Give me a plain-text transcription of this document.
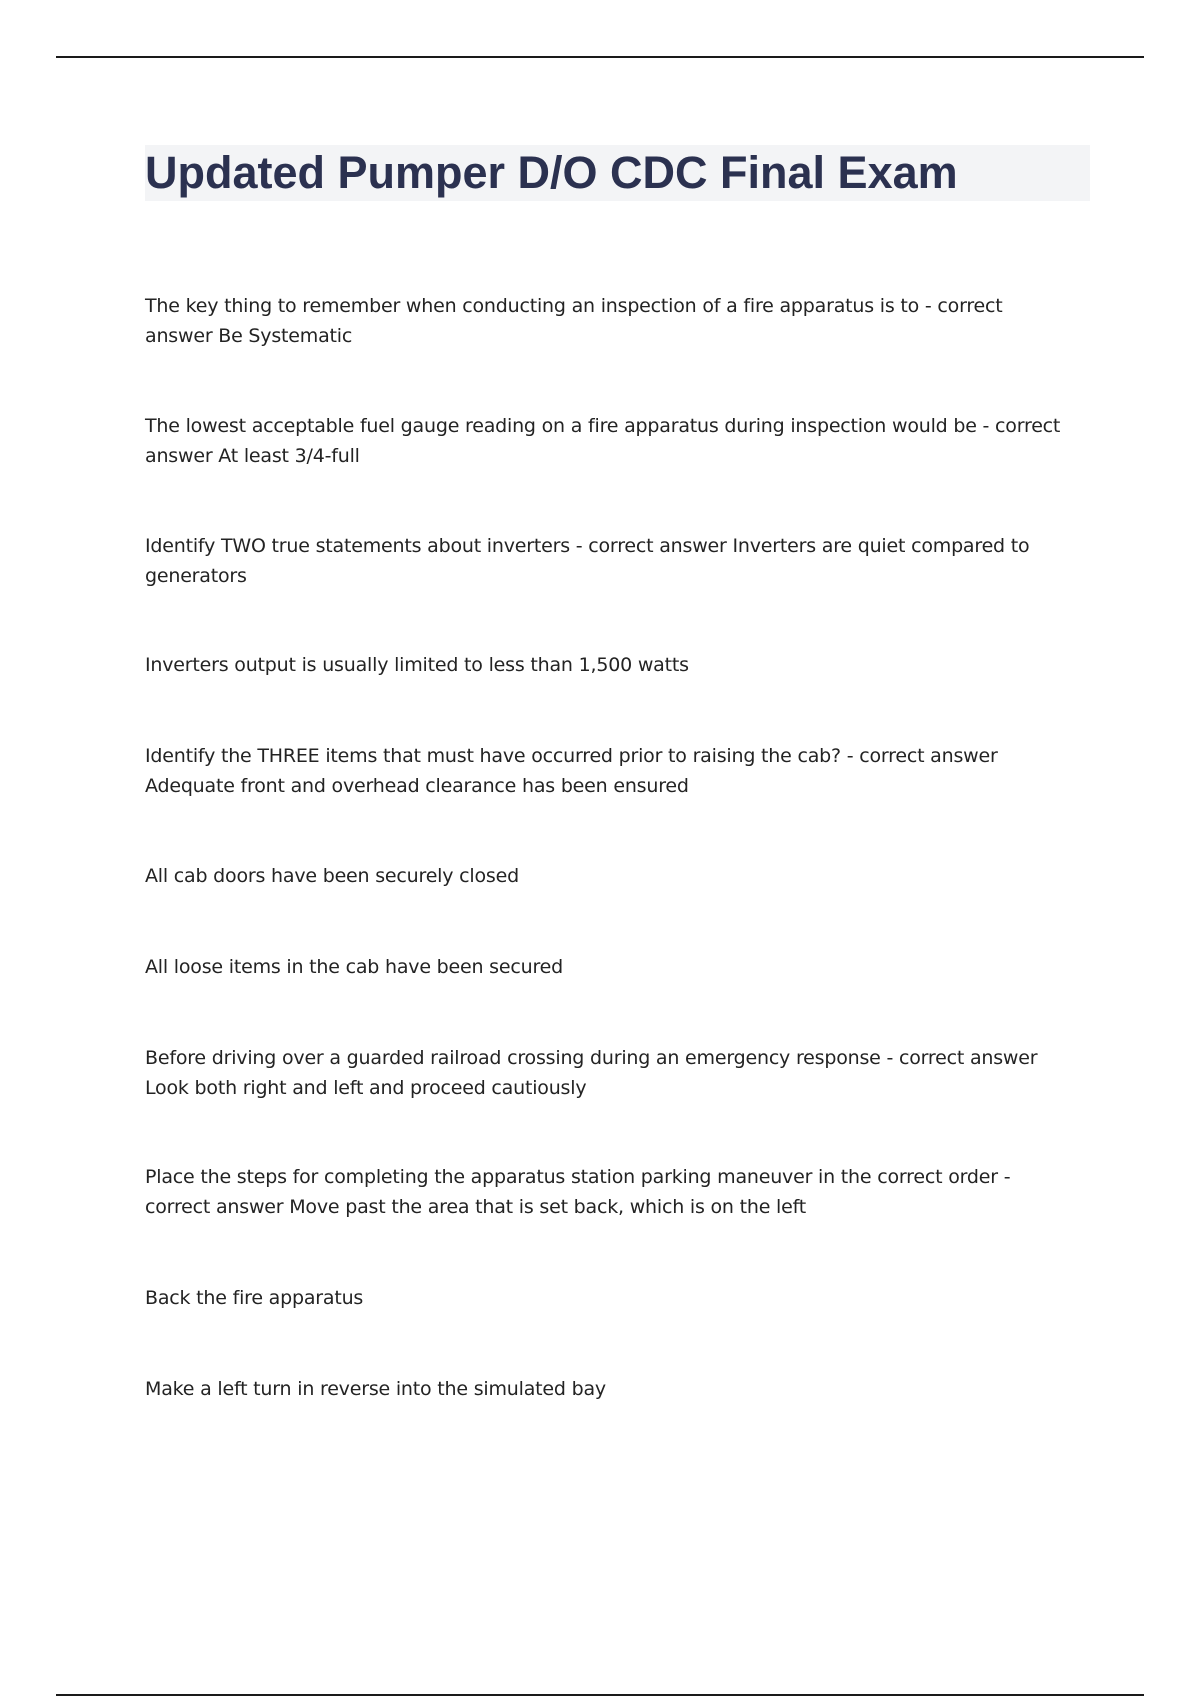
Updated Pumper D/O CDC Final Exam

The key thing to remember when conducting an inspection of a fire apparatus is to - correct answer Be Systematic

The lowest acceptable fuel gauge reading on a fire apparatus during inspection would be - correct answer At least 3/4-full

Identify TWO true statements about inverters - correct answer Inverters are quiet compared to generators

Inverters output is usually limited to less than 1,500 watts

Identify the THREE items that must have occurred prior to raising the cab? - correct answer Adequate front and overhead clearance has been ensured

All cab doors have been securely closed

All loose items in the cab have been secured

Before driving over a guarded railroad crossing during an emergency response - correct answer Look both right and left and proceed cautiously

Place the steps for completing the apparatus station parking maneuver in the correct order - correct answer Move past the area that is set back, which is on the left

Back the fire apparatus

Make a left turn in reverse into the simulated bay
